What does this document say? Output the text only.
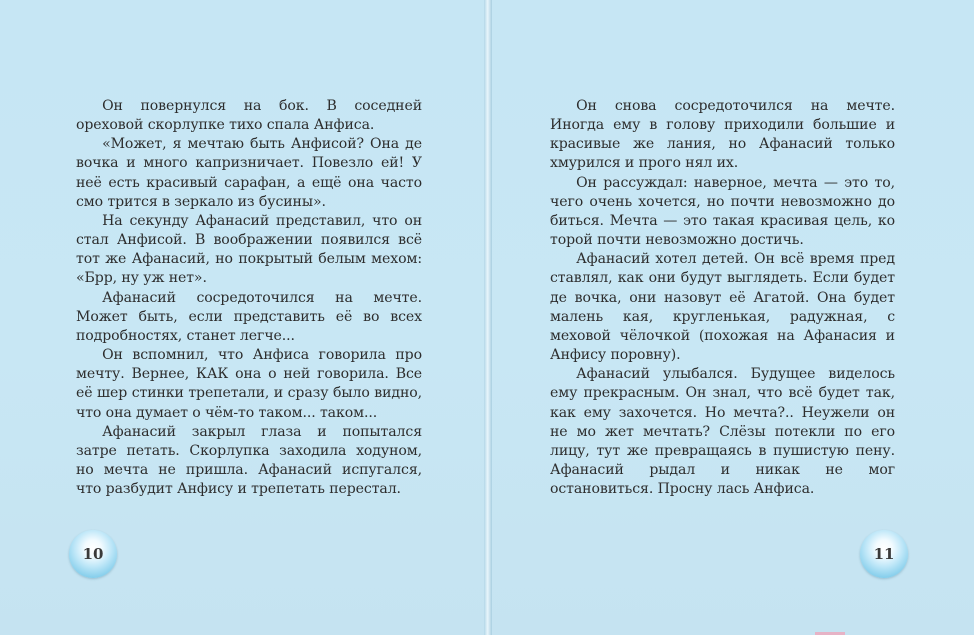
Он повернулся на бок. В соседней ореховой скорлупке тихо спала Анфиса.

«Может, я мечтаю быть Анфисой? Она де вочка и много капризничает. Повезло ей! У неё есть красивый сарафан, а ещё она часто смо трится в зеркало из бусины».

На секунду Афанасий представил, что он стал Анфисой. В воображении появился всё тот же Афанасий, но покрытый белым мехом: «Брр, ну уж нет».

Афанасий сосредоточился на мечте. Может быть, если представить её во всех подробностях, станет легче...

Он вспомнил, что Анфиса говорила про мечту. Вернее, КАК она о ней говорила. Все её шер стинки трепетали, и сразу было видно, что она думает о чём-то таком... таком...

Афанасий закрыл глаза и попытался затре петать. Скорлупка заходила ходуном, но мечта не пришла. Афанасий испугался, что разбудит Анфису и трепетать перестал.

Он снова сосредоточился на мечте. Иногда ему в голову приходили большие и красивые же лания, но Афанасий только хмурился и прого нял их.

Он рассуждал: наверное, мечта — это то, чего очень хочется, но почти невозможно до биться. Мечта — это такая красивая цель, ко торой почти невозможно достичь.

Афанасий хотел детей. Он всё время пред ставлял, как они будут выглядеть. Если будет де вочка, они назовут её Агатой. Она будет малень кая, кругленькая, радужная, с меховой чёлочкой (похожая на Афанасия и Анфису поровну).

Афанасий улыбался. Будущее виделось ему прекрасным. Он знал, что всё будет так, как ему захочется. Но мечта?.. Неужели он не мо жет мечтать? Слёзы потекли по его лицу, тут же превращаясь в пушистую пену. Афанасий рыдал и никак не мог остановиться. Просну лась Анфиса.

10	11
